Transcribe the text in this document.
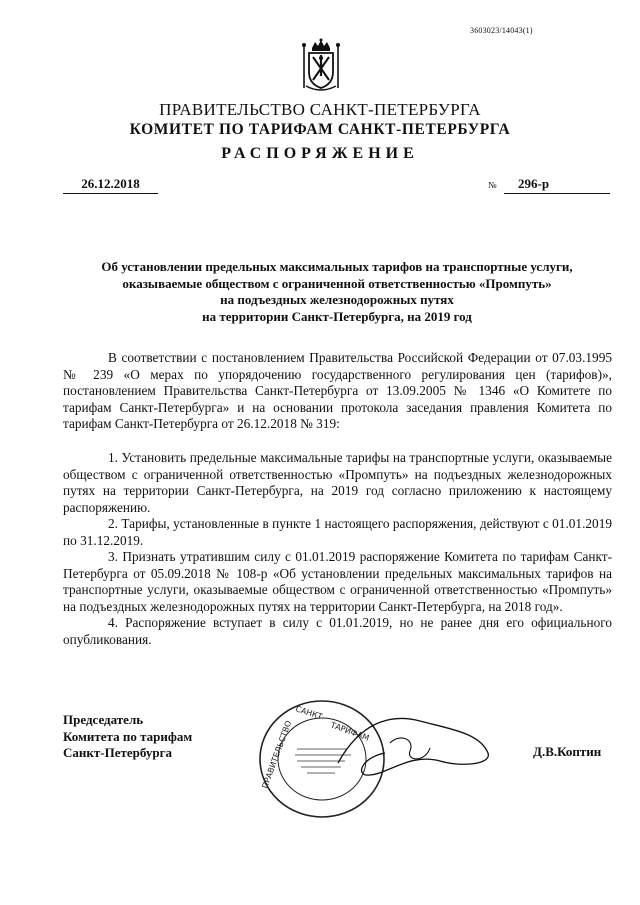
3603023/14043(1)
ПРАВИТЕЛЬСТВО САНКТ-ПЕТЕРБУРГА
КОМИТЕТ ПО ТАРИФАМ САНКТ-ПЕТЕРБУРГА
РАСПОРЯЖЕНИЕ
26.12.2018	№	296-р
Об установлении предельных максимальных тарифов на транспортные услуги,
оказываемые обществом с ограниченной ответственностью «Промпуть»
на подъездных железнодорожных путях
на территории Санкт-Петербурга, на 2019 год

В соответствии с постановлением Правительства Российской Федерации от 07.03.1995 № 239 «О мерах по упорядочению государственного регулирования цен (тарифов)», постановлением Правительства Санкт-Петербурга от 13.09.2005 № 1346 «О Комитете по тарифам Санкт-Петербурга» и на основании протокола заседания правления Комитета по тарифам Санкт-Петербурга от 26.12.2018 № 319:

1. Установить предельные максимальные тарифы на транспортные услуги, оказываемые обществом с ограниченной ответственностью «Промпуть» на подъездных железнодорожных путях на территории Санкт-Петербурга, на 2019 год согласно приложению к настоящему распоряжению.

2. Тарифы, установленные в пункте 1 настоящего распоряжения, действуют с 01.01.2019 по 31.12.2019.

3. Признать утратившим силу с 01.01.2019 распоряжение Комитета по тарифам Санкт-Петербурга от 05.09.2018 № 108-р «Об установлении предельных максимальных тарифов на транспортные услуги, оказываемые обществом с ограниченной ответственностью «Промпуть» на подъездных железнодорожных путях на территории Санкт-Петербурга, на 2018 год».

4. Распоряжение вступает в силу с 01.01.2019, но не ранее дня его официального опубликования.

Председатель
Комитета по тарифам
Санкт-Петербурга	ПРАВИТЕЛЬСТВО
САНКТ
ТАРИФАМ
Д.В.Коптин
